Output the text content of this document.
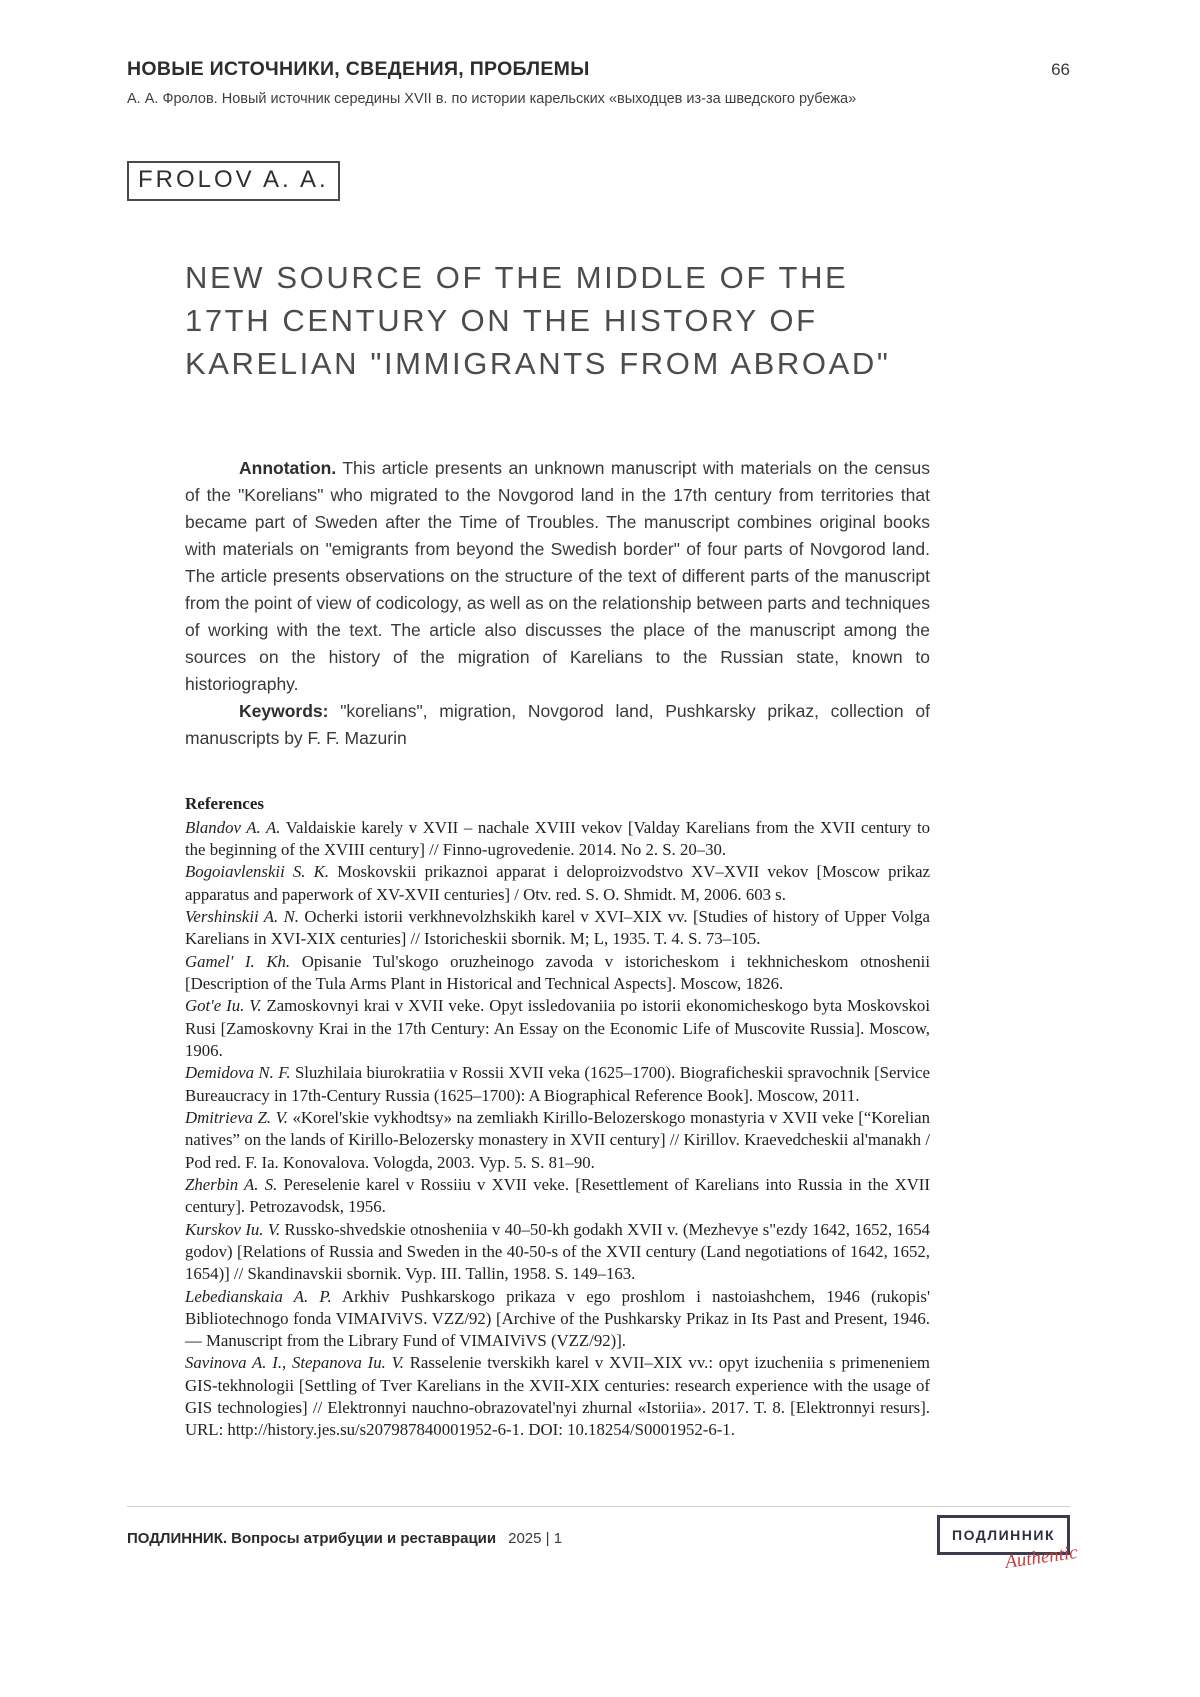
НОВЫЕ ИСТОЧНИКИ, СВЕДЕНИЯ, ПРОБЛЕМЫ	66

А. А. Фролов. Новый источник середины XVII в. по истории карельских «выходцев из-за шведского рубежа»

FROLOV A. A.
NEW SOURCE OF THE MIDDLE OF THE 17TH CENTURY ON THE HISTORY OF KARELIAN "IMMIGRANTS FROM ABROAD"

Annotation. This article presents an unknown manuscript with materials on the census of the "Korelians" who migrated to the Novgorod land in the 17th century from territories that became part of Sweden after the Time of Troubles. The manuscript combines original books with materials on "emigrants from beyond the Swedish border" of four parts of Novgorod land. The article presents observations on the structure of the text of different parts of the manuscript from the point of view of codicology, as well as on the relationship between parts and techniques of working with the text. The article also discusses the place of the manuscript among the sources on the history of the migration of Karelians to the Russian state, known to historiography.

Keywords: "korelians", migration, Novgorod land, Pushkarsky prikaz, collection of manuscripts by F. F. Mazurin

References

Blandov A. A. Valdaiskie karely v XVII – nachale XVIII vekov [Valday Karelians from the XVII century to the beginning of the XVIII century] // Finno-ugrovedenie. 2014. No 2. S. 20–30.

Bogoiavlenskii S. K. Moskovskii prikaznoi apparat i deloproizvodstvo XV–XVII vekov [Moscow prikaz apparatus and paperwork of XV-XVII centuries] / Otv. red. S. O. Shmidt. M, 2006. 603 s.

Vershinskii A. N. Ocherki istorii verkhnevolzhskikh karel v XVI–XIX vv. [Studies of history of Upper Volga Karelians in XVI-XIX centuries] // Istoricheskii sbornik. M; L, 1935. T. 4. S. 73–105.

Gamel' I. Kh. Opisanie Tul'skogo oruzheinogo zavoda v istoricheskom i tekhnicheskom otnoshenii [Description of the Tula Arms Plant in Historical and Technical Aspects]. Moscow, 1826.

Got'e Iu. V. Zamoskovnyi krai v XVII veke. Opyt issledovaniia po istorii ekonomicheskogo byta Moskovskoi Rusi [Zamoskovny Krai in the 17th Century: An Essay on the Economic Life of Muscovite Russia]. Moscow, 1906.

Demidova N. F. Sluzhilaia biurokratiia v Rossii XVII veka (1625–1700). Biograficheskii spravochnik [Service Bureaucracy in 17th-Century Russia (1625–1700): A Biographical Reference Book]. Moscow, 2011.

Dmitrieva Z. V. «Korel'skie vykhodtsy» na zemliakh Kirillo-Belozerskogo monastyria v XVII veke [“Korelian natives” on the lands of Kirillo-Belozersky monastery in XVII century] // Kirillov. Kraevedcheskii al'manakh / Pod red. F. Ia. Konovalova. Vologda, 2003. Vyp. 5. S. 81–90.

Zherbin A. S. Pereselenie karel v Rossiiu v XVII veke. [Resettlement of Karelians into Russia in the XVII century]. Petrozavodsk, 1956.

Kurskov Iu. V. Russko-shvedskie otnosheniia v 40–50-kh godakh XVII v. (Mezhevye s"ezdy 1642, 1652, 1654 godov) [Relations of Russia and Sweden in the 40-50-s of the XVII century (Land negotiations of 1642, 1652, 1654)] // Skandinavskii sbornik. Vyp. III. Tallin, 1958. S. 149–163.

Lebedianskaia A. P. Arkhiv Pushkarskogo prikaza v ego proshlom i nastoiashchem, 1946 (rukopis' Bibliotechnogo fonda VIMAIViVS. VZZ/92) [Archive of the Pushkarsky Prikaz in Its Past and Present, 1946. — Manuscript from the Library Fund of VIMAIViVS (VZZ/92)].

Savinova A. I., Stepanova Iu. V. Rasselenie tverskikh karel v XVII–XIX vv.: opyt izucheniia s primeneniem GIS-tekhnologii [Settling of Tver Karelians in the XVII-XIX centuries: research experience with the usage of GIS technologies] // Elektronnyi nauchno-obrazovatel'nyi zhurnal «Istoriia». 2017. T. 8. [Elektronnyi resurs]. URL: http://history.jes.su/s207987840001952-6-1. DOI: 10.18254/S0001952-6-1.

ПОДЛИННИК. Вопросы атрибуции и реставрации 2025 | 1	ПОДЛИННИК
Authentic
